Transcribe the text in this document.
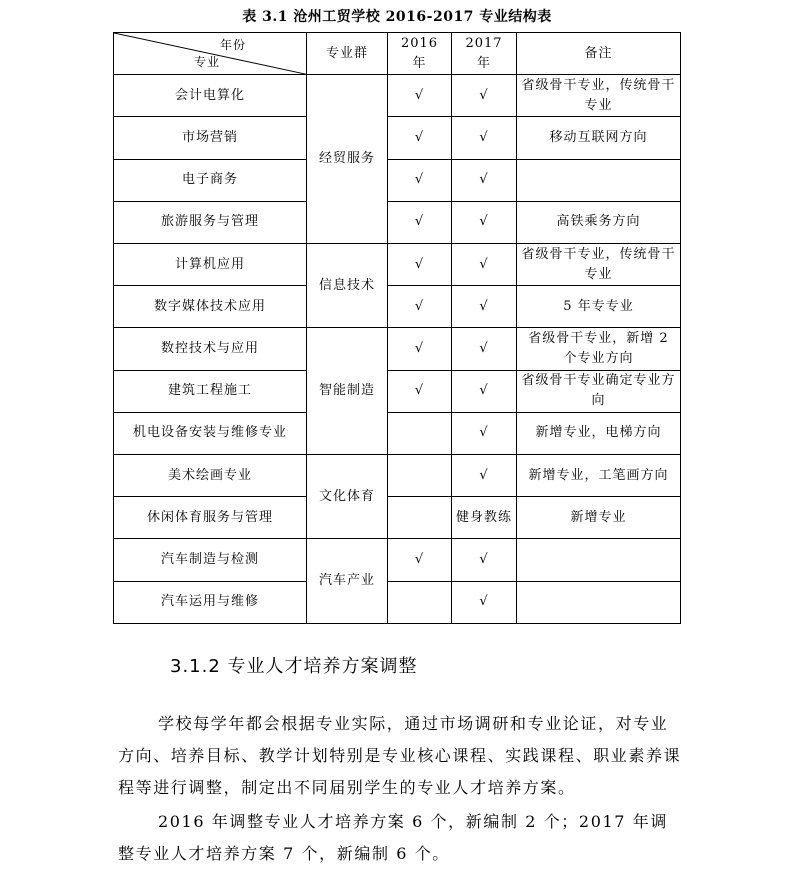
表 3.1 沧州工贸学校 2016-2017 专业结构表
年份
专业	专业群	2016 年	2017 年	备注
会计电算化	经贸服务	√	√	省级骨干专业，传统骨干专业
市场营销		√	√	移动互联网方向
电子商务		√	√	
旅游服务与管理		√	√	高铁乘务方向
计算机应用	信息技术	√	√	省级骨干专业，传统骨干专业
数字媒体技术应用		√	√	5 年专专业
数控技术与应用	智能制造	√	√	省级骨干专业，新增 2 个专业方向
建筑工程施工		√	√	省级骨干专业确定专业方向
机电设备安装与维修专业			√	新增专业，电梯方向
美术绘画专业	文化体育		√	新增专业，工笔画方向
休闲体育服务与管理			健身教练	新增专业
汽车制造与检测	汽车产业	√	√	
汽车运用与维修			√	
3.1.2 专业人才培养方案调整

学校每学年都会根据专业实际，通过市场调研和专业论证，对专业方向、培养目标、教学计划特别是专业核心课程、实践课程、职业素养课程等进行调整，制定出不同届别学生的专业人才培养方案。

2016 年调整专业人才培养方案 6 个，新编制 2 个；2017 年调整专业人才培养方案 7 个，新编制 6 个。
